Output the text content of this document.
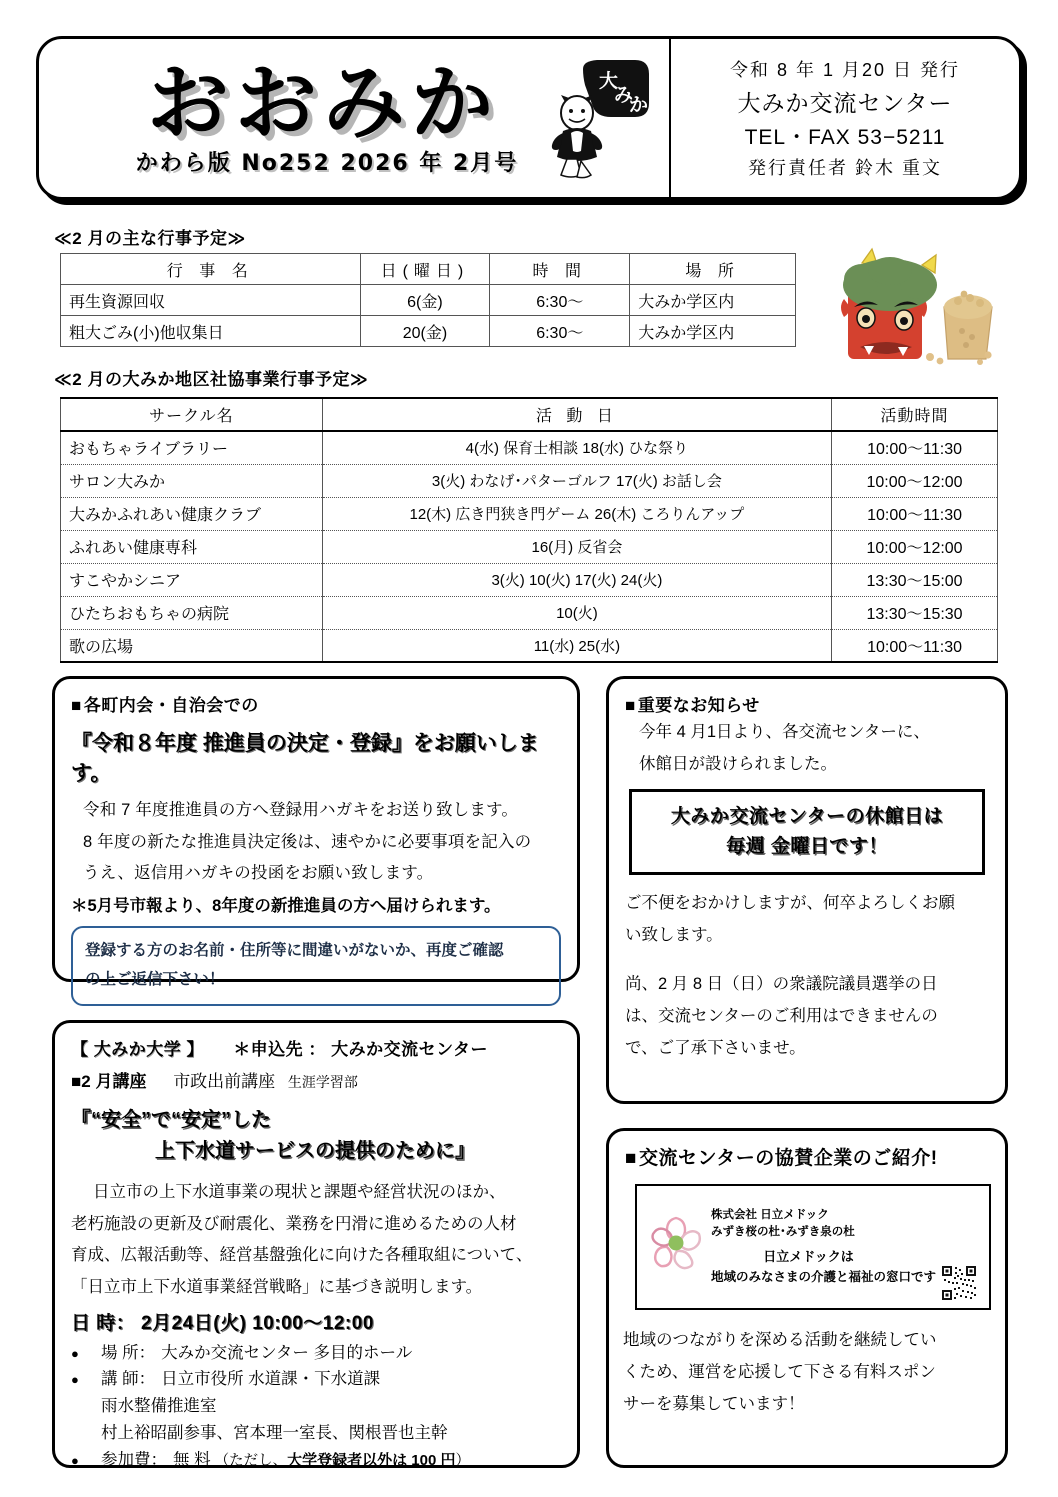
おおみか
かわら版 No252 2026 年 2月号
大
み
か
令和 8 年 1 月20 日 発行
大みか交流センター
TEL・FAX 53−5211
発行責任者 鈴木 重文
≪2 月の主な行事予定≫
行 事 名	日(曜日)	時 間	場 所
再生資源回収	6(金)	6:30〜	大みか学区内
粗大ごみ(小)他収集日	20(金)	6:30〜	大みか学区内
≪2 月の大みか地区社協事業行事予定≫
サークル名	活 動 日	活動時間
おもちゃライブラリー	4(水) 保育士相談 18(水) ひな祭り	10:00〜11:30
サロン大みか	3(火) わなげ･パターゴルフ 17(火) お話し会	10:00〜12:00
大みかふれあい健康クラブ	12(木) 広き門狭き門ゲーム 26(木) ころりんアップ	10:00〜11:30
ふれあい健康専科	16(月) 反省会	10:00〜12:00
すこやかシニア	3(火) 10(火) 17(火) 24(火)	13:30〜15:00
ひたちおもちゃの病院	10(火)	13:30〜15:30
歌の広場	11(水) 25(水)	10:00〜11:30
■ 各町内会・自治会での
『令和８年度 推進員の決定・登録』をお願いします。
令和 7 年度推進員の方へ登録用ハガキをお送り致します。
8 年度の新たな推進員決定後は、速やかに必要事項を記入の
うえ、返信用ハガキの投函をお願い致します。
＊5月号市報より、8年度の新推進員の方へ届けられます。
登録する方のお名前・住所等に間違いがないか、再度ご確認
の上ご返信下さい！
【 大みか大学 】 ＊申込先 ： 大みか交流センター
■2 月講座 市政出前講座 生涯学習部
『“安全”で“安定”した
上下水道サービスの提供のために』
日立市の上下水道事業の現状と課題や経営状況のほか、
老朽施設の更新及び耐震化、業務を円滑に進めるための人材
育成、広報活動等、経営基盤強化に向けた各種取組について、
「日立市上下水道事業経営戦略」に基づき説明します。
日 時： 2月24日(火) 10:00〜12:00
●	場 所： 大みか交流センター 多目的ホール
●	講 師： 日立市役所 水道課・下水道課
雨水整備推進室
村上裕昭副参事、宮本理一室長、関根晋也主幹
●	参加費： 無 料 （ただし、 大学登録者以外は 100 円 ）
■ 重要なお知らせ
今年 4 月1日より、各交流センターに、
休館日が設けられました。
大みか交流センターの休館日は
毎週 金曜日です！
ご不便をおかけしますが、何卒よろしくお願
い致します。
尚、2 月 8 日（日）の衆議院議員選挙の日
は、交流センターのご利用はできませんの
で、ご了承下さいませ。
■ 交流センターの協賛企業のご紹介!
株式会社 日立メドック
みずき桜の杜･みずき泉の杜
日立メドックは
地域のみなさまの介護と福祉の窓口です
地域のつながりを深める活動を継続してい
くため、運営を応援して下さる有料スポン
サーを募集しています！
